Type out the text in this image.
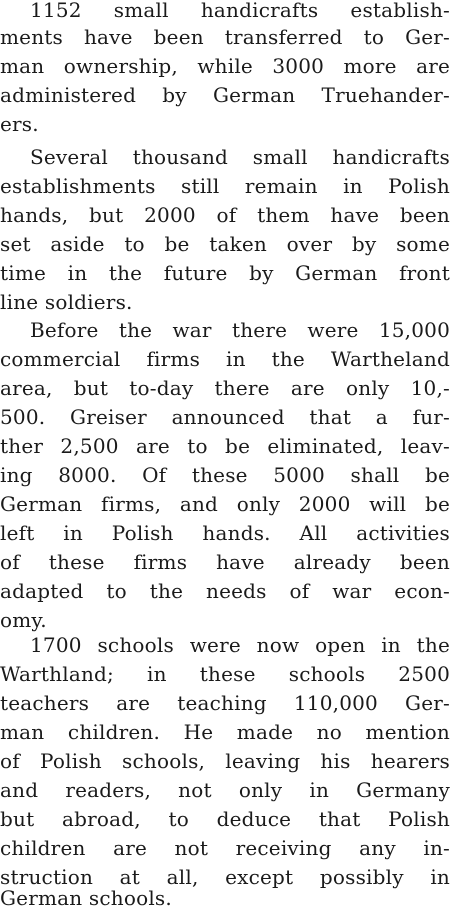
1152 small handicrafts establish-
ments have been transferred to Ger-
man ownership, while 3000 more are
administered by German Truehander-
ers.
Several thousand small handicrafts
establishments still remain in Polish
hands, but 2000 of them have been
set aside to be taken over by some
time in the future by German front
line soldiers.
Before the war there were 15,000
commercial firms in the Wartheland
area, but to-day there are only 10,-
500. Greiser announced that a fur-
ther 2,500 are to be eliminated, leav-
ing 8000. Of these 5000 shall be
German firms, and only 2000 will be
left in Polish hands. All activities
of these firms have already been
adapted to the needs of war econ-
omy.
1700 schools were now open in the
Warthland; in these schools 2500
teachers are teaching 110,000 Ger-
man children. He made no mention
of Polish schools, leaving his hearers
and readers, not only in Germany
but abroad, to deduce that Polish
children are not receiving any in-
struction at all, except possibly in
German schools.
